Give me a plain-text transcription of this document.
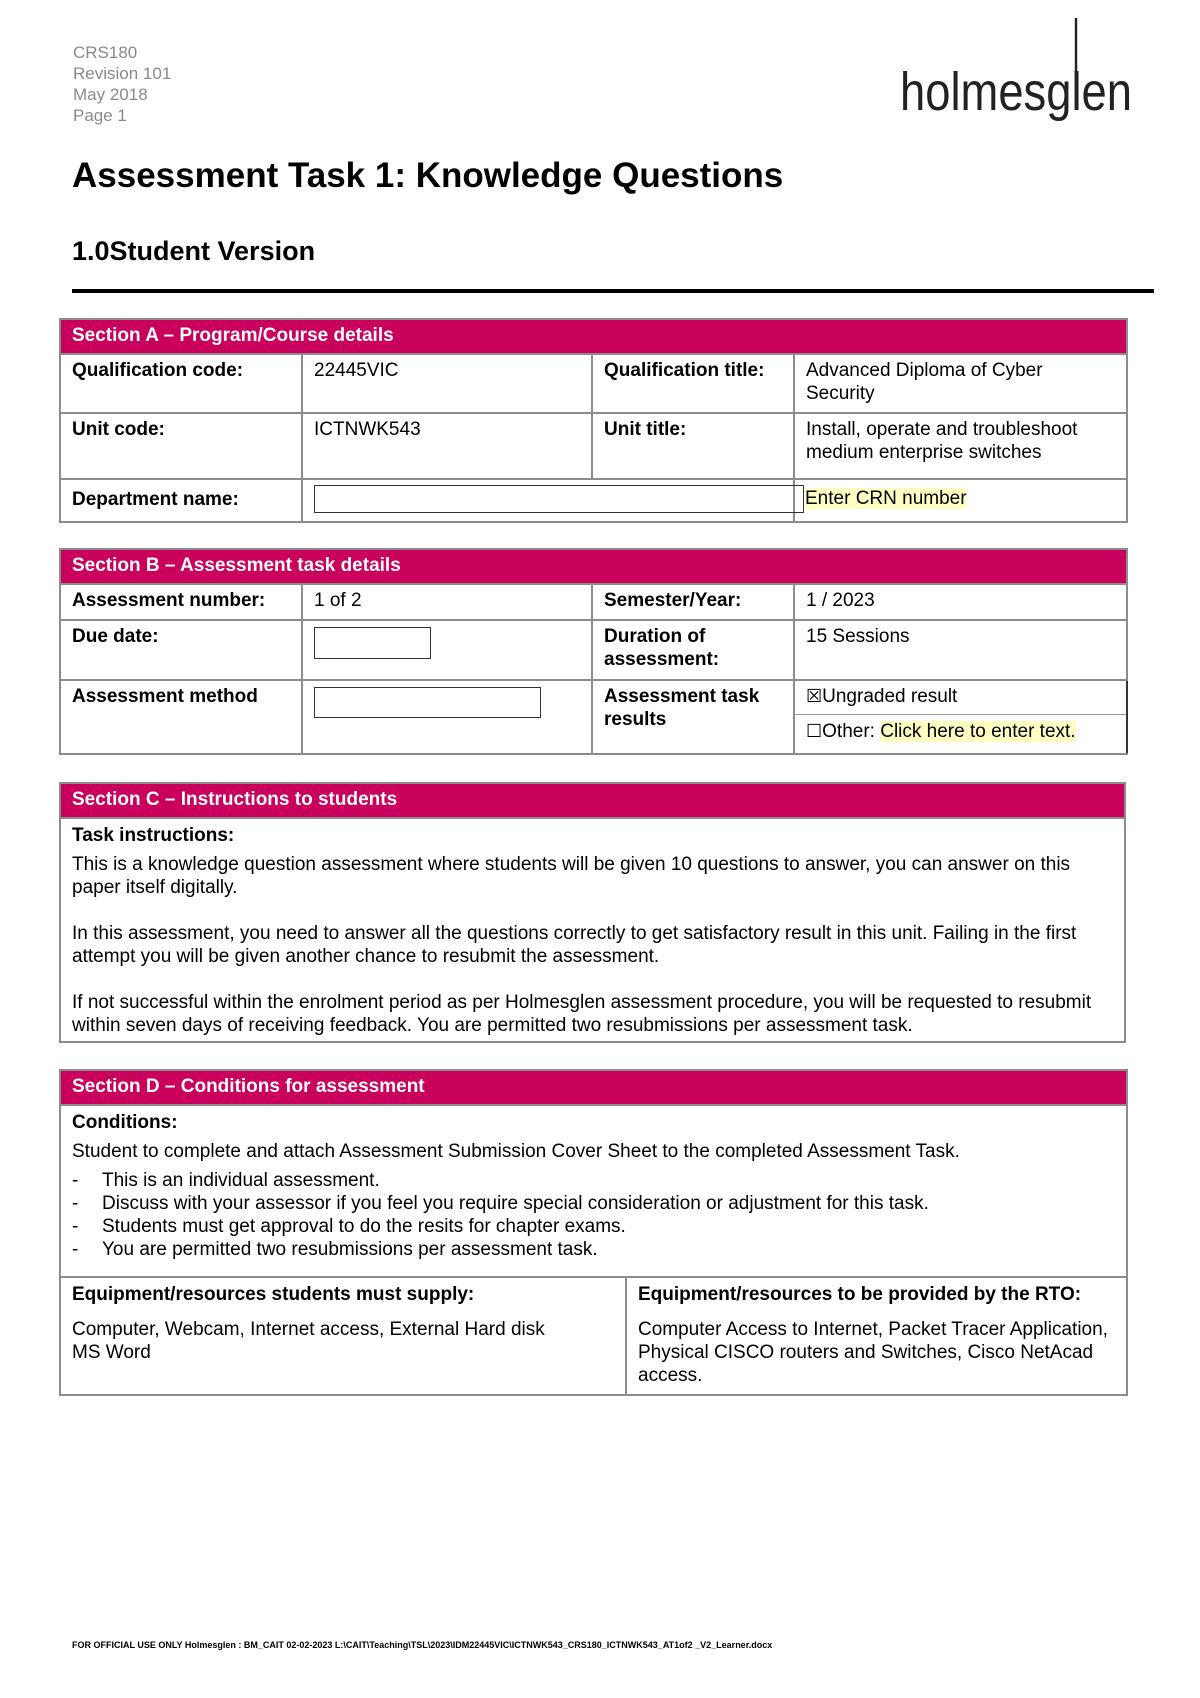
CRS180
Revision 101
May 2018
Page 1	holmesglen
Assessment Task 1: Knowledge Questions
1.0Student Version
Section A – Program/Course details			
Qualification code:	22445VIC	Qualification title:	Advanced Diploma of Cyber Security
Unit code:	ICTNWK543	Unit title:	Install, operate and troubleshoot medium enterprise switches
Department name:			Enter CRN number
Section B – Assessment task details			
Assessment number:	1 of 2	Semester/Year:	1 / 2023
Due date:		Duration of assessment:	15 Sessions
Assessment method		Assessment task results	☒Ungraded result
☐Other: Click here to enter text.
Section C – Instructions to students

Task instructions:

This is a knowledge question assessment where students will be given 10 questions to answer, you can answer on this paper itself digitally.

In this assessment, you need to answer all the questions correctly to get satisfactory result in this unit. Failing in the first attempt you will be given another chance to resubmit the assessment.

If not successful within the enrolment period as per Holmesglen assessment procedure, you will be requested to resubmit within seven days of receiving feedback. You are permitted two resubmissions per assessment task.

Section D – Conditions for assessment

Conditions:

Student to complete and attach Assessment Submission Cover Sheet to the completed Assessment Task.

- This is an individual assessment.
- Discuss with your assessor if you feel you require special consideration or adjustment for this task.
- Students must get approval to do the resits for chapter exams.
- You are permitted two resubmissions per assessment task.

Equipment/resources students must supply:

Computer, Webcam, Internet access, External Hard disk

MS Word

Equipment/resources to be provided by the RTO:

Computer Access to Internet, Packet Tracer Application, Physical CISCO routers and Switches, Cisco NetAcad access.

FOR OFFICIAL USE ONLY Holmesglen : BM_CAIT 02-02-2023 L:\CAIT\Teaching\TSL\2023\IDM22445VIC\ICTNWK543_CRS180_ICTNWK543_AT1of2 _V2_Learner.docx
